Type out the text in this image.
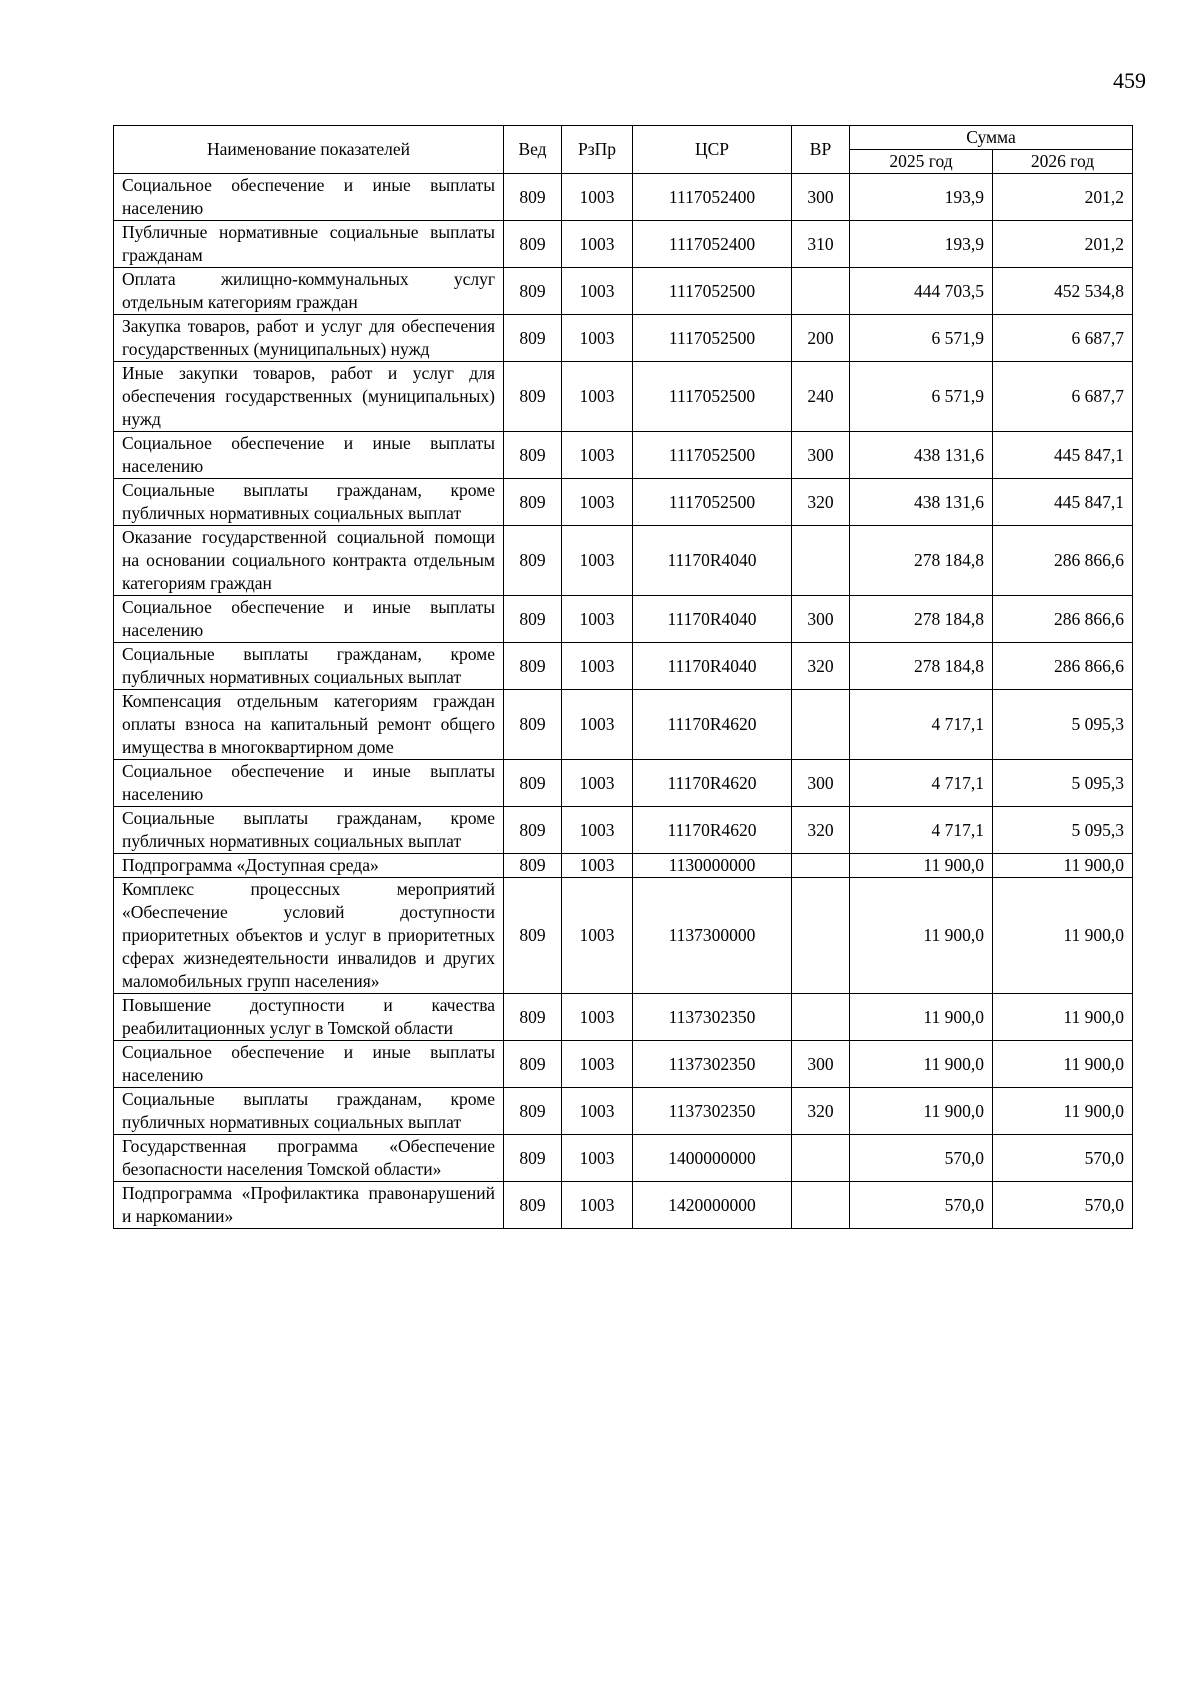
459
Наименование показателей	Вед	РзПр	ЦСР	ВР	Сумма	
					2025 год	2026 год
Социальное обеспечение и иные выплаты населению	809	1003	1117052400	300	193,9	201,2
Публичные нормативные социальные выплаты гражданам	809	1003	1117052400	310	193,9	201,2
Оплата жилищно-коммунальных услуг отдельным категориям граждан	809	1003	1117052500		444 703,5	452 534,8
Закупка товаров, работ и услуг для обеспечения государственных (муниципальных) нужд	809	1003	1117052500	200	6 571,9	6 687,7
Иные закупки товаров, работ и услуг для обеспечения государственных (муниципальных) нужд	809	1003	1117052500	240	6 571,9	6 687,7
Социальное обеспечение и иные выплаты населению	809	1003	1117052500	300	438 131,6	445 847,1
Социальные выплаты гражданам, кроме публичных нормативных социальных выплат	809	1003	1117052500	320	438 131,6	445 847,1
Оказание государственной социальной помощи на основании социального контракта отдельным категориям граждан	809	1003	11170R4040		278 184,8	286 866,6
Социальное обеспечение и иные выплаты населению	809	1003	11170R4040	300	278 184,8	286 866,6
Социальные выплаты гражданам, кроме публичных нормативных социальных выплат	809	1003	11170R4040	320	278 184,8	286 866,6
Компенсация отдельным категориям граждан оплаты взноса на капитальный ремонт общего имущества в многоквартирном доме	809	1003	11170R4620		4 717,1	5 095,3
Социальное обеспечение и иные выплаты населению	809	1003	11170R4620	300	4 717,1	5 095,3
Социальные выплаты гражданам, кроме публичных нормативных социальных выплат	809	1003	11170R4620	320	4 717,1	5 095,3
Подпрограмма «Доступная среда»	809	1003	1130000000		11 900,0	11 900,0
Комплекс процессных мероприятий «Обеспечение условий доступности приоритетных объектов и услуг в приоритетных сферах жизнедеятельности инвалидов и других маломобильных групп населения»	809	1003	1137300000		11 900,0	11 900,0
Повышение доступности и качества реабилитационных услуг в Томской области	809	1003	1137302350		11 900,0	11 900,0
Социальное обеспечение и иные выплаты населению	809	1003	1137302350	300	11 900,0	11 900,0
Социальные выплаты гражданам, кроме публичных нормативных социальных выплат	809	1003	1137302350	320	11 900,0	11 900,0
Государственная программа «Обеспечение безопасности населения Томской области»	809	1003	1400000000		570,0	570,0
Подпрограмма «Профилактика правонарушений и наркомании»	809	1003	1420000000		570,0	570,0
